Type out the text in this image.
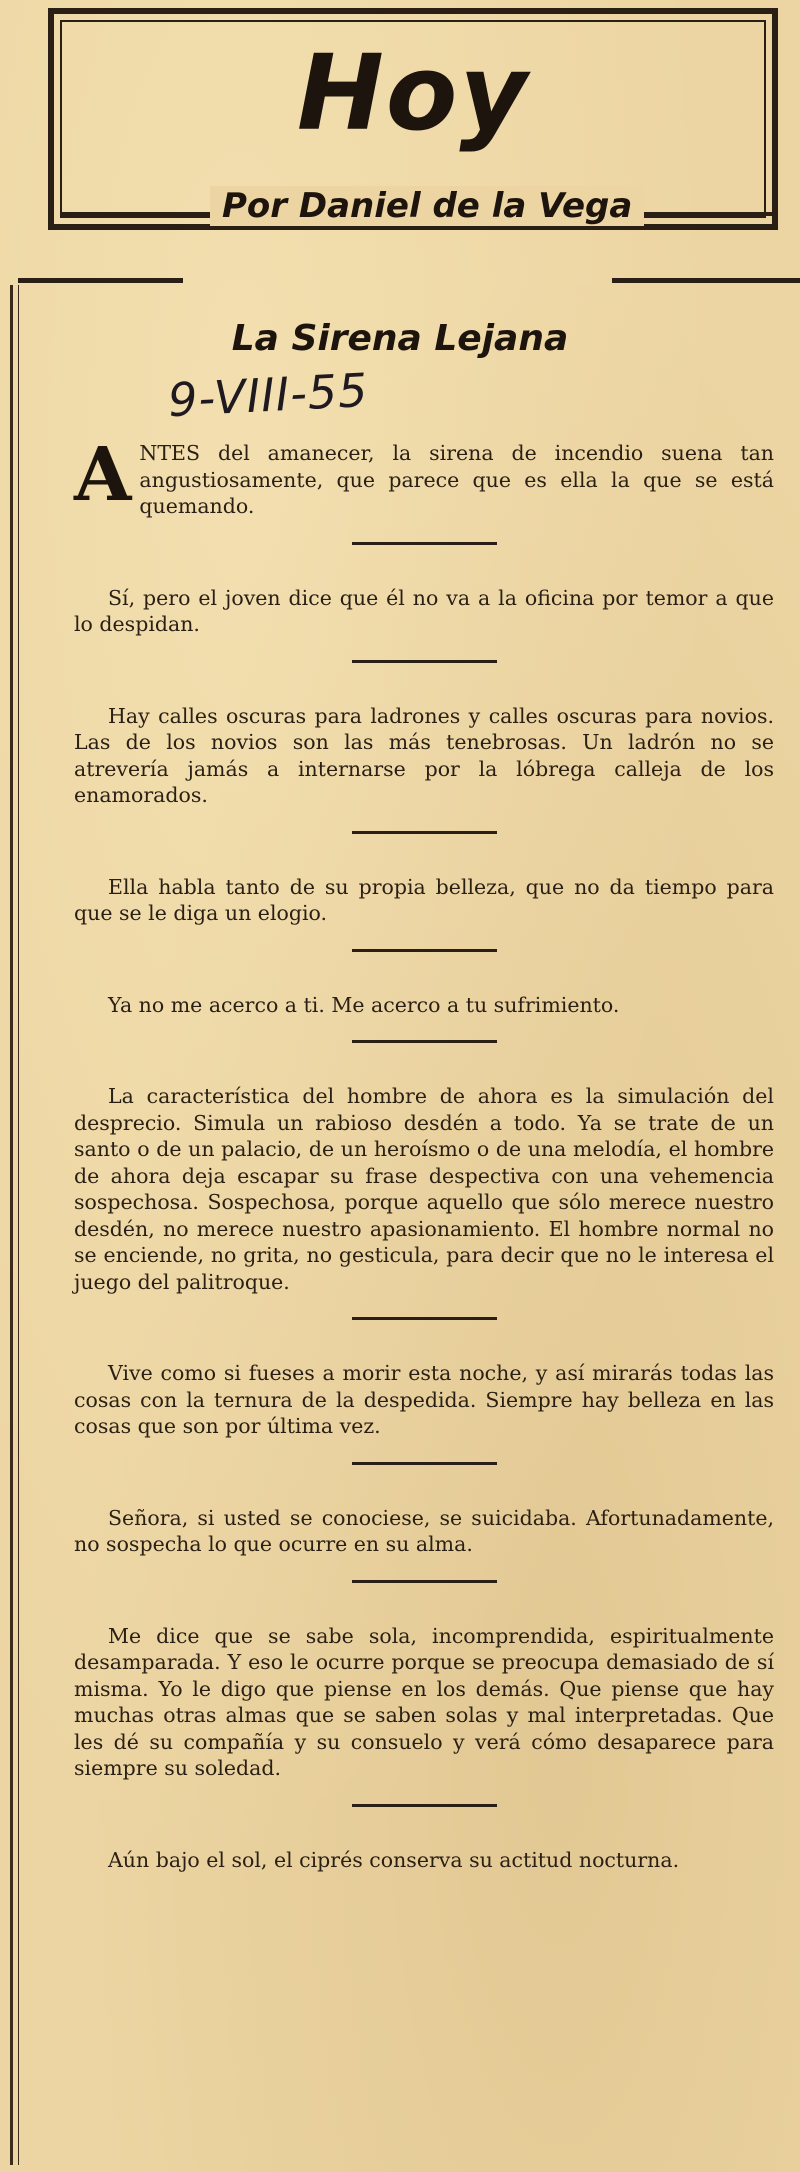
Hoy
Por Daniel de la Vega
La Sirena Lejana
9-VIII-55

ANTES del amanecer, la sirena de incendio suena tan angustiosamente, que parece que es ella la que se está quemando.

Sí, pero el joven dice que él no va a la oficina por temor a que lo despidan.

Hay calles oscuras para ladrones y calles oscuras para novios. Las de los novios son las más tenebrosas. Un ladrón no se atrevería jamás a internarse por la lóbrega calleja de los enamorados.

Ella habla tanto de su propia belleza, que no da tiempo para que se le diga un elogio.

Ya no me acerco a ti. Me acerco a tu sufrimiento.

La característica del hombre de ahora es la simulación del desprecio. Simula un rabioso desdén a todo. Ya se trate de un santo o de un palacio, de un heroísmo o de una melodía, el hombre de ahora deja escapar su frase despectiva con una vehemencia sospechosa. Sospechosa, porque aquello que sólo merece nuestro desdén, no merece nuestro apasionamiento. El hombre normal no se enciende, no grita, no gesticula, para decir que no le interesa el juego del palitroque.

Vive como si fueses a morir esta noche, y así mirarás todas las cosas con la ternura de la despedida. Siempre hay belleza en las cosas que son por última vez.

Señora, si usted se conociese, se suicidaba. Afortunadamente, no sospecha lo que ocurre en su alma.

Me dice que se sabe sola, incomprendida, espiritualmente desamparada. Y eso le ocurre porque se preocupa demasiado de sí misma. Yo le digo que piense en los demás. Que piense que hay muchas otras almas que se saben solas y mal interpretadas. Que les dé su compañía y su consuelo y verá cómo desaparece para siempre su soledad.

Aún bajo el sol, el ciprés conserva su actitud nocturna.
